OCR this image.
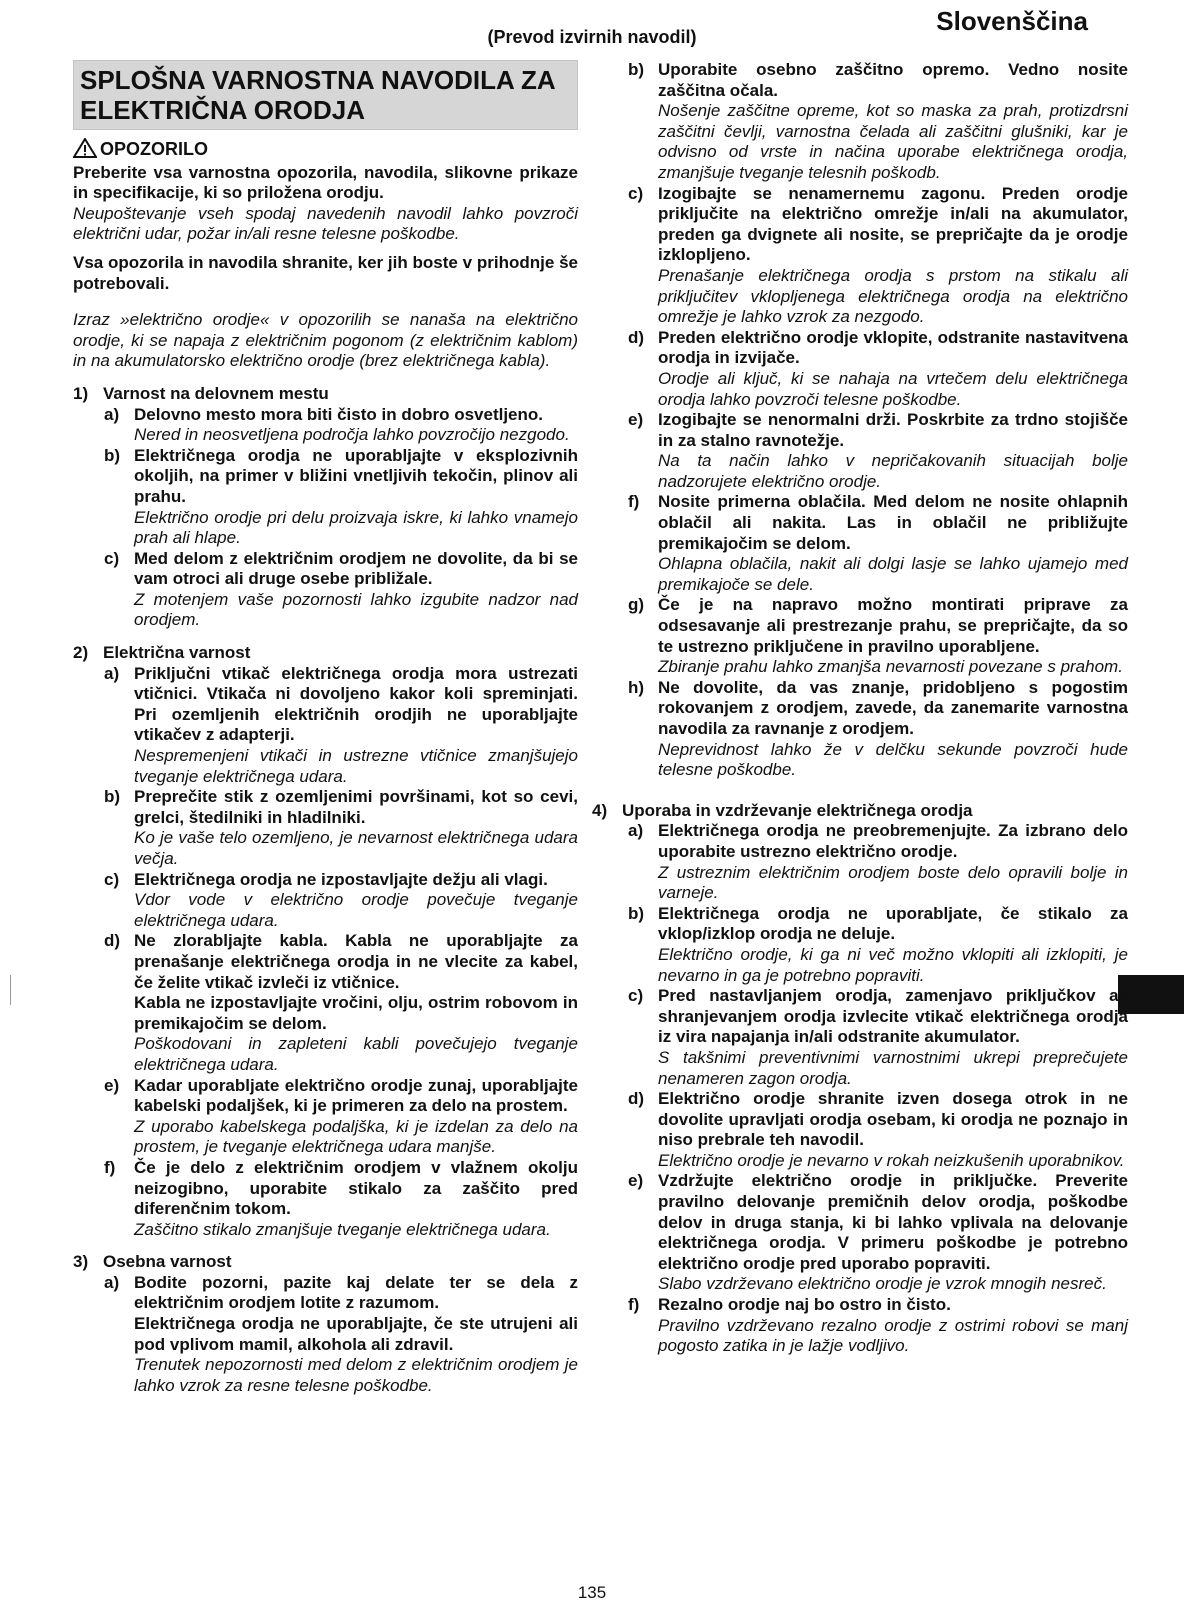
Slovenščina
(Prevod izvirnih navodil)
SPLOŠNA VARNOSTNA NAVODILA ZA ELEKTRIČNA ORODJA
OPOZORILO
Preberite vsa varnostna opozorila, navodila, slikovne prikaze in specifikacije, ki so priložena orodju.
Neupoštevanje vseh spodaj navedenih navodil lahko povzroči električni udar, požar in/ali resne telesne poškodbe.
Vsa opozorila in navodila shranite, ker jih boste v prihodnje še potrebovali.
Izraz »električno orodje« v opozorilih se nanaša na električno orodje, ki se napaja z električnim pogonom (z električnim kablom) in na akumulatorsko električno orodje (brez električnega kabla).
1) Varnost na delovnem mestu
a) Delovno mesto mora biti čisto in dobro osvetljeno.
Nered in neosvetljena področja lahko povzročijo nezgodo.
b) Električnega orodja ne uporabljajte v eksplozivnih okoljih, na primer v bližini vnetljivih tekočin, plinov ali prahu.
Električno orodje pri delu proizvaja iskre, ki lahko vnamejo prah ali hlape.
c) Med delom z električnim orodjem ne dovolite, da bi se vam otroci ali druge osebe približale.
Z motenjem vaše pozornosti lahko izgubite nadzor nad orodjem.
2) Električna varnost
a) Priključni vtikač električnega orodja mora ustrezati vtičnici. Vtikača ni dovoljeno kakor koli spreminjati. Pri ozemljenih električnih orodjih ne uporabljajte vtikačev z adapterji.
Nespremenjeni vtikači in ustrezne vtičnice zmanjšujejo tveganje električnega udara.
b) Preprečite stik z ozemljenimi površinami, kot so cevi, grelci, štedilniki in hladilniki.
Ko je vaše telo ozemljeno, je nevarnost električnega udara večja.
c) Električnega orodja ne izpostavljajte dežju ali vlagi.
Vdor vode v električno orodje povečuje tveganje električnega udara.
d) Ne zlorabljajte kabla. Kabla ne uporabljajte za prenašanje električnega orodja in ne vlecite za kabel, če želite vtikač izvleči iz vtičnice.
Kabla ne izpostavljajte vročini, olju, ostrim robovom in premikajočim se delom.
Poškodovani in zapleteni kabli povečujejo tveganje električnega udara.
e) Kadar uporabljate električno orodje zunaj, uporabljajte kabelski podaljšek, ki je primeren za delo na prostem.
Z uporabo kabelskega podaljška, ki je izdelan za delo na prostem, je tveganje električnega udara manjše.
f)	Če je delo z električnim orodjem v vlažnem okolju neizogibno, uporabite stikalo za zaščito pred diferenčnim tokom.
Zaščitno stikalo zmanjšuje tveganje električnega udara.
3) Osebna varnost
a) Bodite pozorni, pazite kaj delate ter se dela z električnim orodjem lotite z razumom.
Električnega orodja ne uporabljajte, če ste utrujeni ali pod vplivom mamil, alkohola ali zdravil.
Trenutek nepozornosti med delom z električnim orodjem je lahko vzrok za resne telesne poškodbe.
b) Uporabite osebno zaščitno opremo. Vedno nosite zaščitna očala.
Nošenje zaščitne opreme, kot so maska za prah, protizdrsni zaščitni čevlji, varnostna čelada ali zaščitni glušniki, kar je odvisno od vrste in načina uporabe električnega orodja, zmanjšuje tveganje telesnih poškodb.
c) Izogibajte se nenamernemu zagonu. Preden orodje priključite na električno omrežje in/ali na akumulator, preden ga dvignete ali nosite, se prepričajte da je orodje izklopljeno.
Prenašanje električnega orodja s prstom na stikalu ali priključitev vklopljenega električnega orodja na električno omrežje je lahko vzrok za nezgodo.
d) Preden električno orodje vklopite, odstranite nastavitvena orodja in izvijače.
Orodje ali ključ, ki se nahaja na vrtečem delu električnega orodja lahko povzroči telesne poškodbe.
e) Izogibajte se nenormalni drži. Poskrbite za trdno stojišče in za stalno ravnotežje.
Na ta način lahko v nepričakovanih situacijah bolje nadzorujete električno orodje.
f)	Nosite primerna oblačila. Med delom ne nosite ohlapnih oblačil ali nakita. Las in oblačil ne približujte premikajočim se delom.
Ohlapna oblačila, nakit ali dolgi lasje se lahko ujamejo med premikajoče se dele.
g) Če je na napravo možno montirati priprave za odsesavanje ali prestrezanje prahu, se prepričajte, da so te ustrezno priključene in pravilno uporabljene.
Zbiranje prahu lahko zmanjša nevarnosti povezane s prahom.
h) Ne dovolite, da vas znanje, pridobljeno s pogostim rokovanjem z orodjem, zavede, da zanemarite varnostna navodila za ravnanje z orodjem.
Neprevidnost lahko že v delčku sekunde povzroči hude telesne poškodbe.
4) Uporaba in vzdrževanje električnega orodja
a) Električnega orodja ne preobremenjujte. Za izbrano delo uporabite ustrezno električno orodje.
Z ustreznim električnim orodjem boste delo opravili bolje in varneje.
b) Električnega orodja ne uporabljate, če stikalo za vklop/izklop orodja ne deluje.
Električno orodje, ki ga ni več možno vklopiti ali izklopiti, je nevarno in ga je potrebno popraviti.
c) Pred nastavljanjem orodja, zamenjavo priključkov ali shranjevanjem orodja izvlecite vtikač električnega orodja iz vira napajanja in/ali odstranite akumulator.
S takšnimi preventivnimi varnostnimi ukrepi preprečujete nenameren zagon orodja.
d) Električno orodje shranite izven dosega otrok in ne dovolite upravljati orodja osebam, ki orodja ne poznajo in niso prebrale teh navodil.
Električno orodje je nevarno v rokah neizkušenih uporabnikov.
e) Vzdržujte električno orodje in priključke. Preverite pravilno delovanje premičnih delov orodja, poškodbe delov in druga stanja, ki bi lahko vplivala na delovanje električnega orodja. V primeru poškodbe je potrebno električno orodje pred uporabo popraviti.
Slabo vzdrževano električno orodje je vzrok mnogih nesreč.
f)	Rezalno orodje naj bo ostro in čisto.
Pravilno vzdrževano rezalno orodje z ostrimi robovi se manj pogosto zatika in je lažje vodljivo.
135
